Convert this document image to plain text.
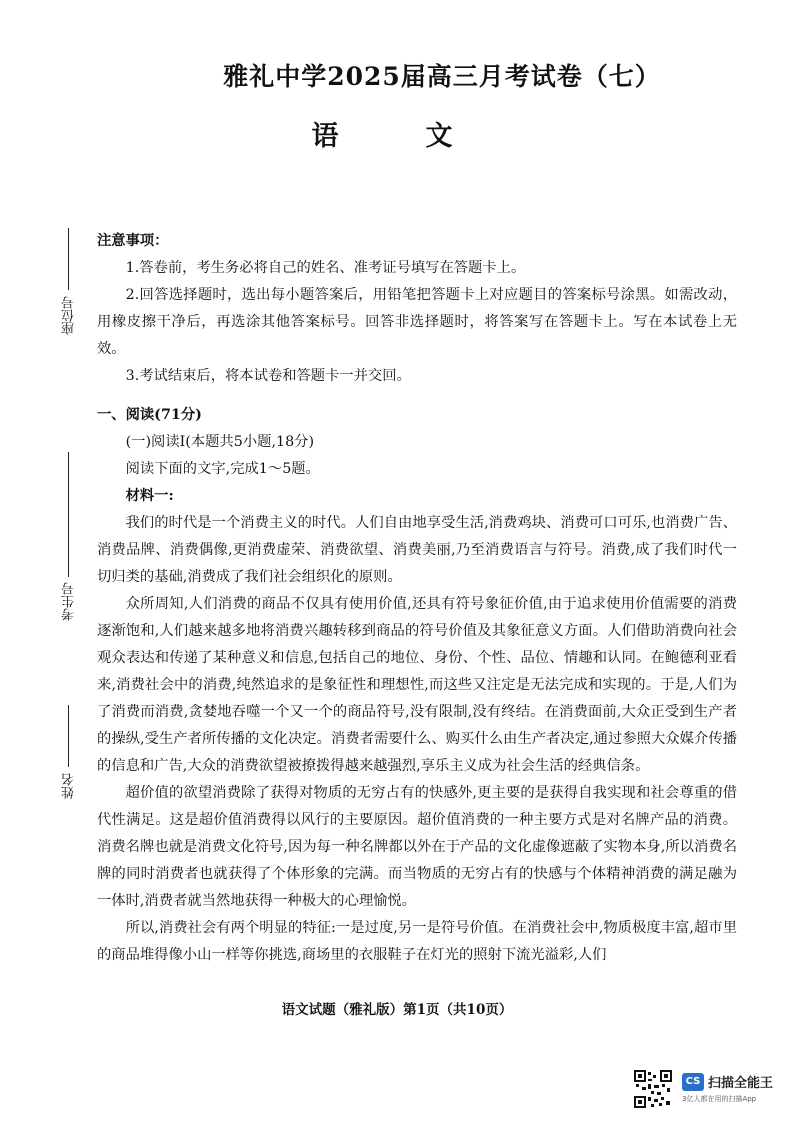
雅礼中学2025届高三月考试卷（七）
语　文
座位号
考生号
姓名

注意事项：

1.答卷前，考生务必将自己的姓名、准考证号填写在答题卡上。

2.回答选择题时，选出每小题答案后，用铅笔把答题卡上对应题目的答案标号涂黑。如需改动，用橡皮擦干净后，再选涂其他答案标号。回答非选择题时，将答案写在答题卡上。写在本试卷上无效。

3.考试结束后，将本试卷和答题卡一并交回。

一、阅读(71分)

(一)阅读Ⅰ(本题共5小题,18分)

阅读下面的文字,完成1～5题。

材料一:

我们的时代是一个消费主义的时代。人们自由地享受生活,消费鸡块、消费可口可乐,也消费广告、消费品牌、消费偶像,更消费虚荣、消费欲望、消费美丽,乃至消费语言与符号。消费,成了我们时代一切归类的基础,消费成了我们社会组织化的原则。

众所周知,人们消费的商品不仅具有使用价值,还具有符号象征价值,由于追求使用价值需要的消费逐渐饱和,人们越来越多地将消费兴趣转移到商品的符号价值及其象征意义方面。人们借助消费向社会观众表达和传递了某种意义和信息,包括自己的地位、身份、个性、品位、情趣和认同。在鲍德利亚看来,消费社会中的消费,纯然追求的是象征性和理想性,而这些又注定是无法完成和实现的。于是,人们为了消费而消费,贪婪地吞噬一个又一个的商品符号,没有限制,没有终结。在消费面前,大众正受到生产者的操纵,受生产者所传播的文化决定。消费者需要什么、购买什么由生产者决定,通过参照大众媒介传播的信息和广告,大众的消费欲望被撩拨得越来越强烈,享乐主义成为社会生活的经典信条。

超价值的欲望消费除了获得对物质的无穷占有的快感外,更主要的是获得自我实现和社会尊重的借代性满足。这是超价值消费得以风行的主要原因。超价值消费的一种主要方式是对名牌产品的消费。消费名牌也就是消费文化符号,因为每一种名牌都以外在于产品的文化虚像遮蔽了实物本身,所以消费名牌的同时消费者也就获得了个体形象的完满。而当物质的无穷占有的快感与个体精神消费的满足融为一体时,消费者就当然地获得一种极大的心理愉悦。

所以,消费社会有两个明显的特征:一是过度,另一是符号价值。在消费社会中,物质极度丰富,超市里的商品堆得像小山一样等你挑选,商场里的衣服鞋子在灯光的照射下流光溢彩,人们

语文试题（雅礼版）第1页（共10页）
CS 扫描全能王
3亿人都在用的扫描App
